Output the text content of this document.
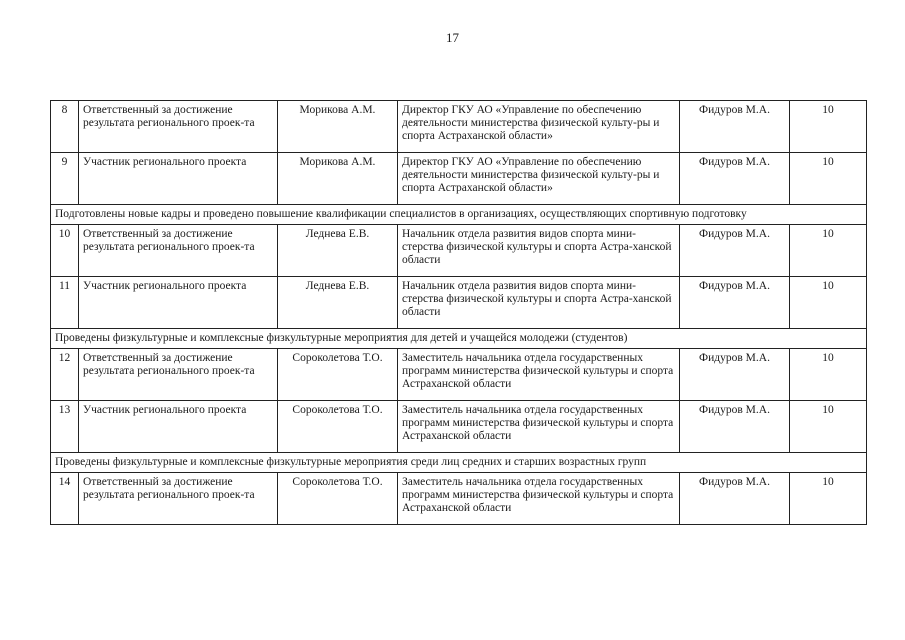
17
8	Ответственный за достижение результата регионального проек-та	Морикова А.М.	Директор ГКУ АО «Управление по обеспечению деятельности министерства физической культу-ры и спорта Астраханской области»	Фидуров М.А.	10
9	Участник регионального проекта	Морикова А.М.	Директор ГКУ АО «Управление по обеспечению деятельности министерства физической культу-ры и спорта Астраханской области»	Фидуров М.А.	10
Подготовлены новые кадры и проведено повышение квалификации специалистов в организациях, осуществляющих спортивную подготовку					
10	Ответственный за достижение результата регионального проек-та	Леднева Е.В.	Начальник отдела развития видов спорта мини-стерства физической культуры и спорта Астра-ханской области	Фидуров М.А.	10
11	Участник регионального проекта	Леднева Е.В.	Начальник отдела развития видов спорта мини-стерства физической культуры и спорта Астра-ханской области	Фидуров М.А.	10
Проведены физкультурные и комплексные физкультурные мероприятия для детей и учащейся молодежи (студентов)					
12	Ответственный за достижение результата регионального проек-та	Сороколетова Т.О.	Заместитель начальника отдела государственных программ министерства физической культуры и спорта Астраханской области	Фидуров М.А.	10
13	Участник регионального проекта	Сороколетова Т.О.	Заместитель начальника отдела государственных программ министерства физической культуры и спорта Астраханской области	Фидуров М.А.	10
Проведены физкультурные и комплексные физкультурные мероприятия среди лиц средних и старших возрастных групп					
14	Ответственный за достижение результата регионального проек-та	Сороколетова Т.О.	Заместитель начальника отдела государственных программ министерства физической культуры и спорта Астраханской области	Фидуров М.А.	10
